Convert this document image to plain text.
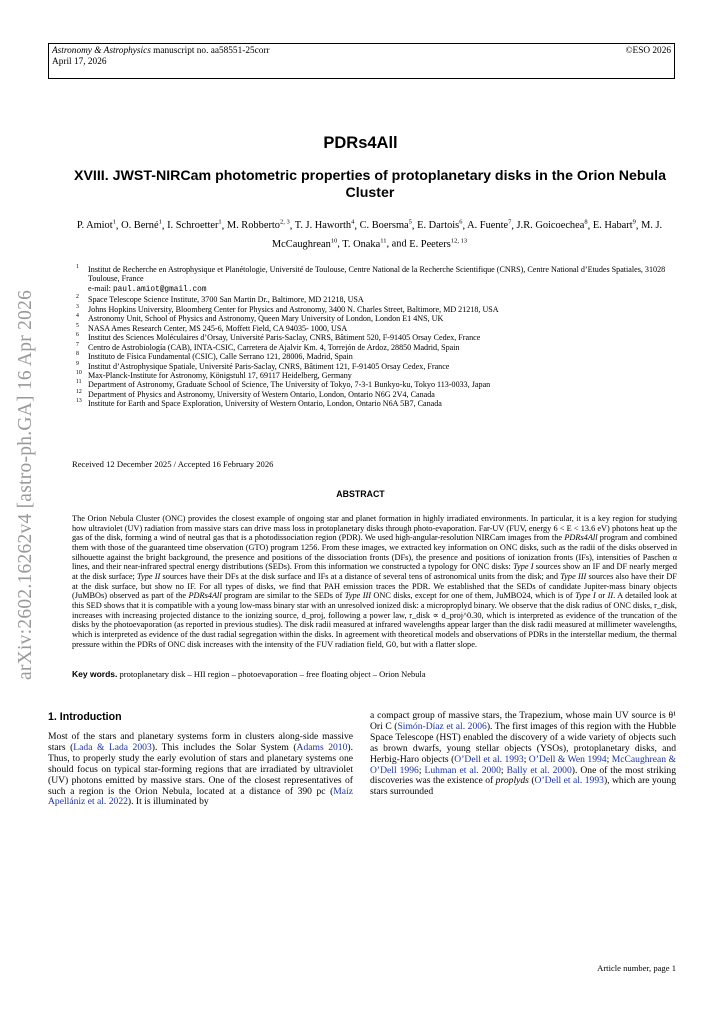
arXiv:2602.16262v4 [astro-ph.GA] 16 Apr 2026
Astronomy & Astrophysics manuscript no. aa58551-25corr
April 17, 2026
©ESO 2026
PDRs4All
XVIII. JWST-NIRCam photometric properties of protoplanetary disks in the Orion Nebula Cluster
P. Amiot$^1$, O. Berné$^1$, I. Schroetter$^1$, M. Robberto$^{2, 3}$, T. J. Haworth$^4$, C. Boersma$^5$, E. Dartois$^6$, A. Fuente$^7$, J.R. Goicoechea$^8$, E. Habart$^9$, M. J. McCaughrean$^{10}$, T. Onaka$^{11}$, and E. Peeters$^{12, 13}$
1 Institut de Recherche en Astrophysique et Planétologie, Université de Toulouse, Centre National de la Recherche Scientifique (CNRS), Centre National d’Etudes Spatiales, 31028 Toulouse, France
e-mail: paul.amiot@gmail.com
2 Space Telescope Science Institute, 3700 San Martin Dr., Baltimore, MD 21218, USA
3 Johns Hopkins University, Bloomberg Center for Physics and Astronomy, 3400 N. Charles Street, Baltimore, MD 21218, USA
4 Astronomy Unit, School of Physics and Astronomy, Queen Mary University of London, London E1 4NS, UK
5 NASA Ames Research Center, MS 245-6, Moffett Field, CA 94035- 1000, USA
6 Institut des Sciences Moléculaires d’Orsay, Université Paris-Saclay, CNRS, Bâtiment 520, F-91405 Orsay Cedex, France
7 Centro de Astrobiología (CAB), INTA-CSIC, Carretera de Ajalvir Km. 4, Torrejón de Ardoz, 28850 Madrid, Spain
8 Instituto de Física Fundamental (CSIC), Calle Serrano 121, 28006, Madrid, Spain
9 Institut d’Astrophysique Spatiale, Université Paris-Saclay, CNRS, Bâtiment 121, F-91405 Orsay Cedex, France
10 Max-Planck-Institute for Astronomy, Königstuhl 17, 69117 Heidelberg, Germany
11 Department of Astronomy, Graduate School of Science, The University of Tokyo, 7-3-1 Bunkyo-ku, Tokyo 113-0033, Japan
12 Department of Physics and Astronomy, University of Western Ontario, London, Ontario N6G 2V4, Canada
13 Institute for Earth and Space Exploration, University of Western Ontario, London, Ontario N6A 5B7, Canada
Received 12 December 2025 / Accepted 16 February 2026
ABSTRACT
The Orion Nebula Cluster (ONC) provides the closest example of ongoing star and planet formation in highly irradiated environments. In particular, it is a key region for studying how ultraviolet (UV) radiation from massive stars can drive mass loss in protoplanetary disks through photo-evaporation. Far-UV (FUV, energy 6 < E < 13.6 eV) photons heat up the gas of the disk, forming a wind of neutral gas that is a photodissociation region (PDR). We used high-angular-resolution NIRCam images from the PDRs4All program and combined them with those of the guaranteed time observation (GTO) program 1256. From these images, we extracted key information on ONC disks, such as the radii of the disks observed in silhouette against the bright background, the presence and positions of the dissociation fronts (DFs), the presence and positions of ionization fronts (IFs), intensities of Paschen α lines, and their near-infrared spectral energy distributions (SEDs). From this information we constructed a typology for ONC disks: Type I sources show an IF and DF nearly merged at the disk surface; Type II sources have their DFs at the disk surface and IFs at a distance of several tens of astronomical units from the disk; and Type III sources also have their DF at the disk surface, but show no IF. For all types of disks, we find that PAH emission traces the PDR. We established that the SEDs of candidate Jupiter-mass binary objects (JuMBOs) observed as part of the PDRs4All program are similar to the SEDs of Type III ONC disks, except for one of them, JuMBO24, which is of Type I or II. A detailed look at this SED shows that it is compatible with a young low-mass binary star with an unresolved ionized disk: a microproplyd binary. We observe that the disk radius of ONC disks, r_disk, increases with increasing projected distance to the ionizing source, d_proj, following a power law, r_disk ∝ d_proj^0.30, which is interpreted as evidence of the truncation of the disks by the photoevaporation (as reported in previous studies). The disk radii measured at infrared wavelengths appear larger than the disk radii measured at millimeter wavelengths, which is interpreted as evidence of the dust radial segregation within the disks. In agreement with theoretical models and observations of PDRs in the interstellar medium, the thermal pressure within the PDRs of ONC disk increases with the intensity of the FUV radiation field, G0, but with a flatter slope.
Key words. protoplanetary disk – HII region – photoevaporation – free floating object – Orion Nebula
1. Introduction
Most of the stars and planetary systems form in clusters along-side massive stars (Lada & Lada 2003). This includes the Solar System (Adams 2010). Thus, to properly study the early evolution of stars and planetary systems one should focus on typical star-forming regions that are irradiated by ultraviolet (UV) photons emitted by massive stars. One of the closest representatives of such a region is the Orion Nebula, located at a distance of 390 pc (Maíz Apellániz et al. 2022). It is illuminated by
a compact group of massive stars, the Trapezium, whose main UV source is θ¹ Ori C (Simón-Díaz et al. 2006). The first images of this region with the Hubble Space Telescope (HST) enabled the discovery of a wide variety of objects such as brown dwarfs, young stellar objects (YSOs), protoplanetary disks, and Herbig-Haro objects (O’Dell et al. 1993; O’Dell & Wen 1994; McCaughrean & O’Dell 1996; Luhman et al. 2000; Bally et al. 2000). One of the most striking discoveries was the existence of proplyds (O’Dell et al. 1993), which are young stars surrounded
Article number, page 1
